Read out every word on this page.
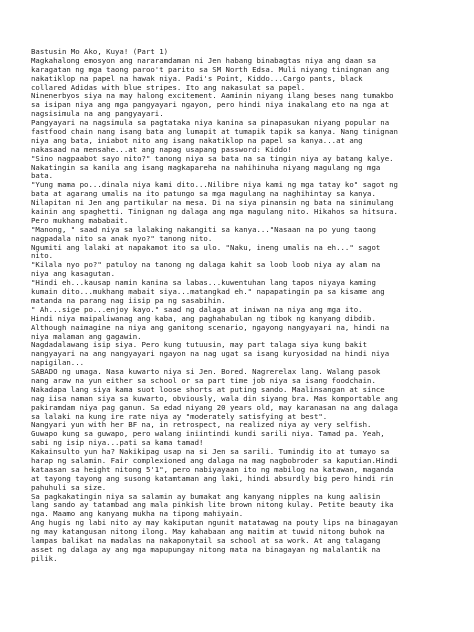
Bastusin Mo Ako, Kuya! (Part 1)
Magkahalong emosyon ang nararamdaman ni Jen habang binabagtas niya ang daan sa
karagatan ng mga taong paroo't parito sa SM North Edsa. Muli niyang tiningnan ang
nakatiklop na papel na hawak niya. Padi's Point, Kiddo...Cargo pants, black
collared Adidas with blue stripes. Ito ang nakasulat sa papel.
Ninenerbyos siya na may halong excitement. Aaminin niyang ilang beses nang tumakbo
sa isipan niya ang mga pangyayari ngayon, pero hindi niya inakalang eto na nga at
nagsisimula na ang pangyayari.
Pangyayari na nagsimula sa pagtataka niya kanina sa pinapasukan niyang popular na
fastfood chain nang isang bata ang lumapit at tumapik tapik sa kanya. Nang tinignan
niya ang bata, iniabot nito ang isang nakatiklop na papel sa kanya...at ang
nakasaad na mensahe...at ang napag usapang password: Kiddo!
"Sino nagpaabot sayo nito?" tanong niya sa bata na sa tingin niya ay batang kalye.
Nakatingin sa kanila ang isang magkapareha na nahihinuha niyang magulang ng mga
bata.
"Yung mama po...dinala niya kami dito...Nilibre niya kami ng mga tatay ko" sagot ng
bata at agarang umalis na ito patungo sa mga magulang na naghihintay sa kanya.
Nilapitan ni Jen ang partikular na mesa. Di na siya pinansin ng bata na sinimulang
kainin ang spaghetti. Tinignan ng dalaga ang mga magulang nito. Hikahos sa hitsura.
Pero mukhang mababait.
"Manong, " saad niya sa lalaking nakangiti sa kanya..."Nasaan na po yung taong
nagpadala nito sa anak nyo?" tanong nito.
Ngumiti ang lalaki at napakamot ito sa ulo. "Naku, ineng umalis na eh..." sagot
nito.
"Kilala nyo po?" patuloy na tanong ng dalaga kahit sa loob loob niya ay alam na
niya ang kasagutan.
"Hindi eh...kausap namin kanina sa labas...kuwentuhan lang tapos niyaya kaming
kumain dito...mukhang mabait siya...matangkad eh." napapatingin pa sa kisame ang
matanda na parang nag iisip pa ng sasabihin.
" Ah...sige po...enjoy kayo." saad ng dalaga at iniwan na niya ang mga ito.
Hindi niya maipaliwanag ang kaba, ang paghahabulan ng tibok ng kanyang dibdib.
Although naimagine na niya ang ganitong scenario, ngayong nangyayari na, hindi na
niya malaman ang gagawin.
Nagdadalawang isip siya. Pero kung tutuusin, may part talaga siya kung bakit
nangyayari na ang nangyayari ngayon na nag ugat sa isang kuryosidad na hindi niya
napigilan...
SABADO ng umaga. Nasa kuwarto niya si Jen. Bored. Nagrerelax lang. Walang pasok
nang araw na yun either sa school or sa part time job niya sa isang foodchain.
Nakadapa lang siya kama suot loose shorts at puting sando. Maalinsangan at since
nag iisa naman siya sa kuwarto, obviously, wala din siyang bra. Mas komportable ang
pakiramdam niya pag ganun. Sa edad niyang 20 years old, may karanasan na ang dalaga
sa lalaki na kung ire rate niya ay "moderately satisfying at best".
Nangyari yun with her BF na, in retrospect, na realized niya ay very selfish.
Guwapo kung sa guwapo, pero walang iniintindi kundi sarili niya. Tamad pa. Yeah,
sabi ng isip niya...pati sa kama tamad!
Kakainsulto yun ha? Nakikipag usap na si Jen sa sarili. Tumindig ito at tumayo sa
harap ng salamin. Fair complexioned ang dalaga na mag nagbobroder sa kaputian.Hindi
kataasan sa height nitong 5'1", pero nabiyayaan ito ng mabilog na katawan, maganda
at tayong tayong ang susong katamtaman ang laki, hindi absurdly big pero hindi rin
pahuhuli sa size.
Sa pagkakatingin niya sa salamin ay bumakat ang kanyang nipples na kung aalisin
lang sando ay tatambad ang mala pinkish lite brown nitong kulay. Petite beauty ika
nga. Maamo ang kanyang mukha na tipong mahiyain.
Ang hugis ng labi nito ay may kakiputan ngunit matatawag na pouty lips na binagayan
ng may katangusan nitong ilong. May kahabaan ang maitim at tuwid nitong buhok na
lampas balikat na madalas na nakaponytail sa school at sa work. At ang talagang
asset ng dalaga ay ang mga mapupungay nitong mata na binagayan ng malalantik na
pilik.
